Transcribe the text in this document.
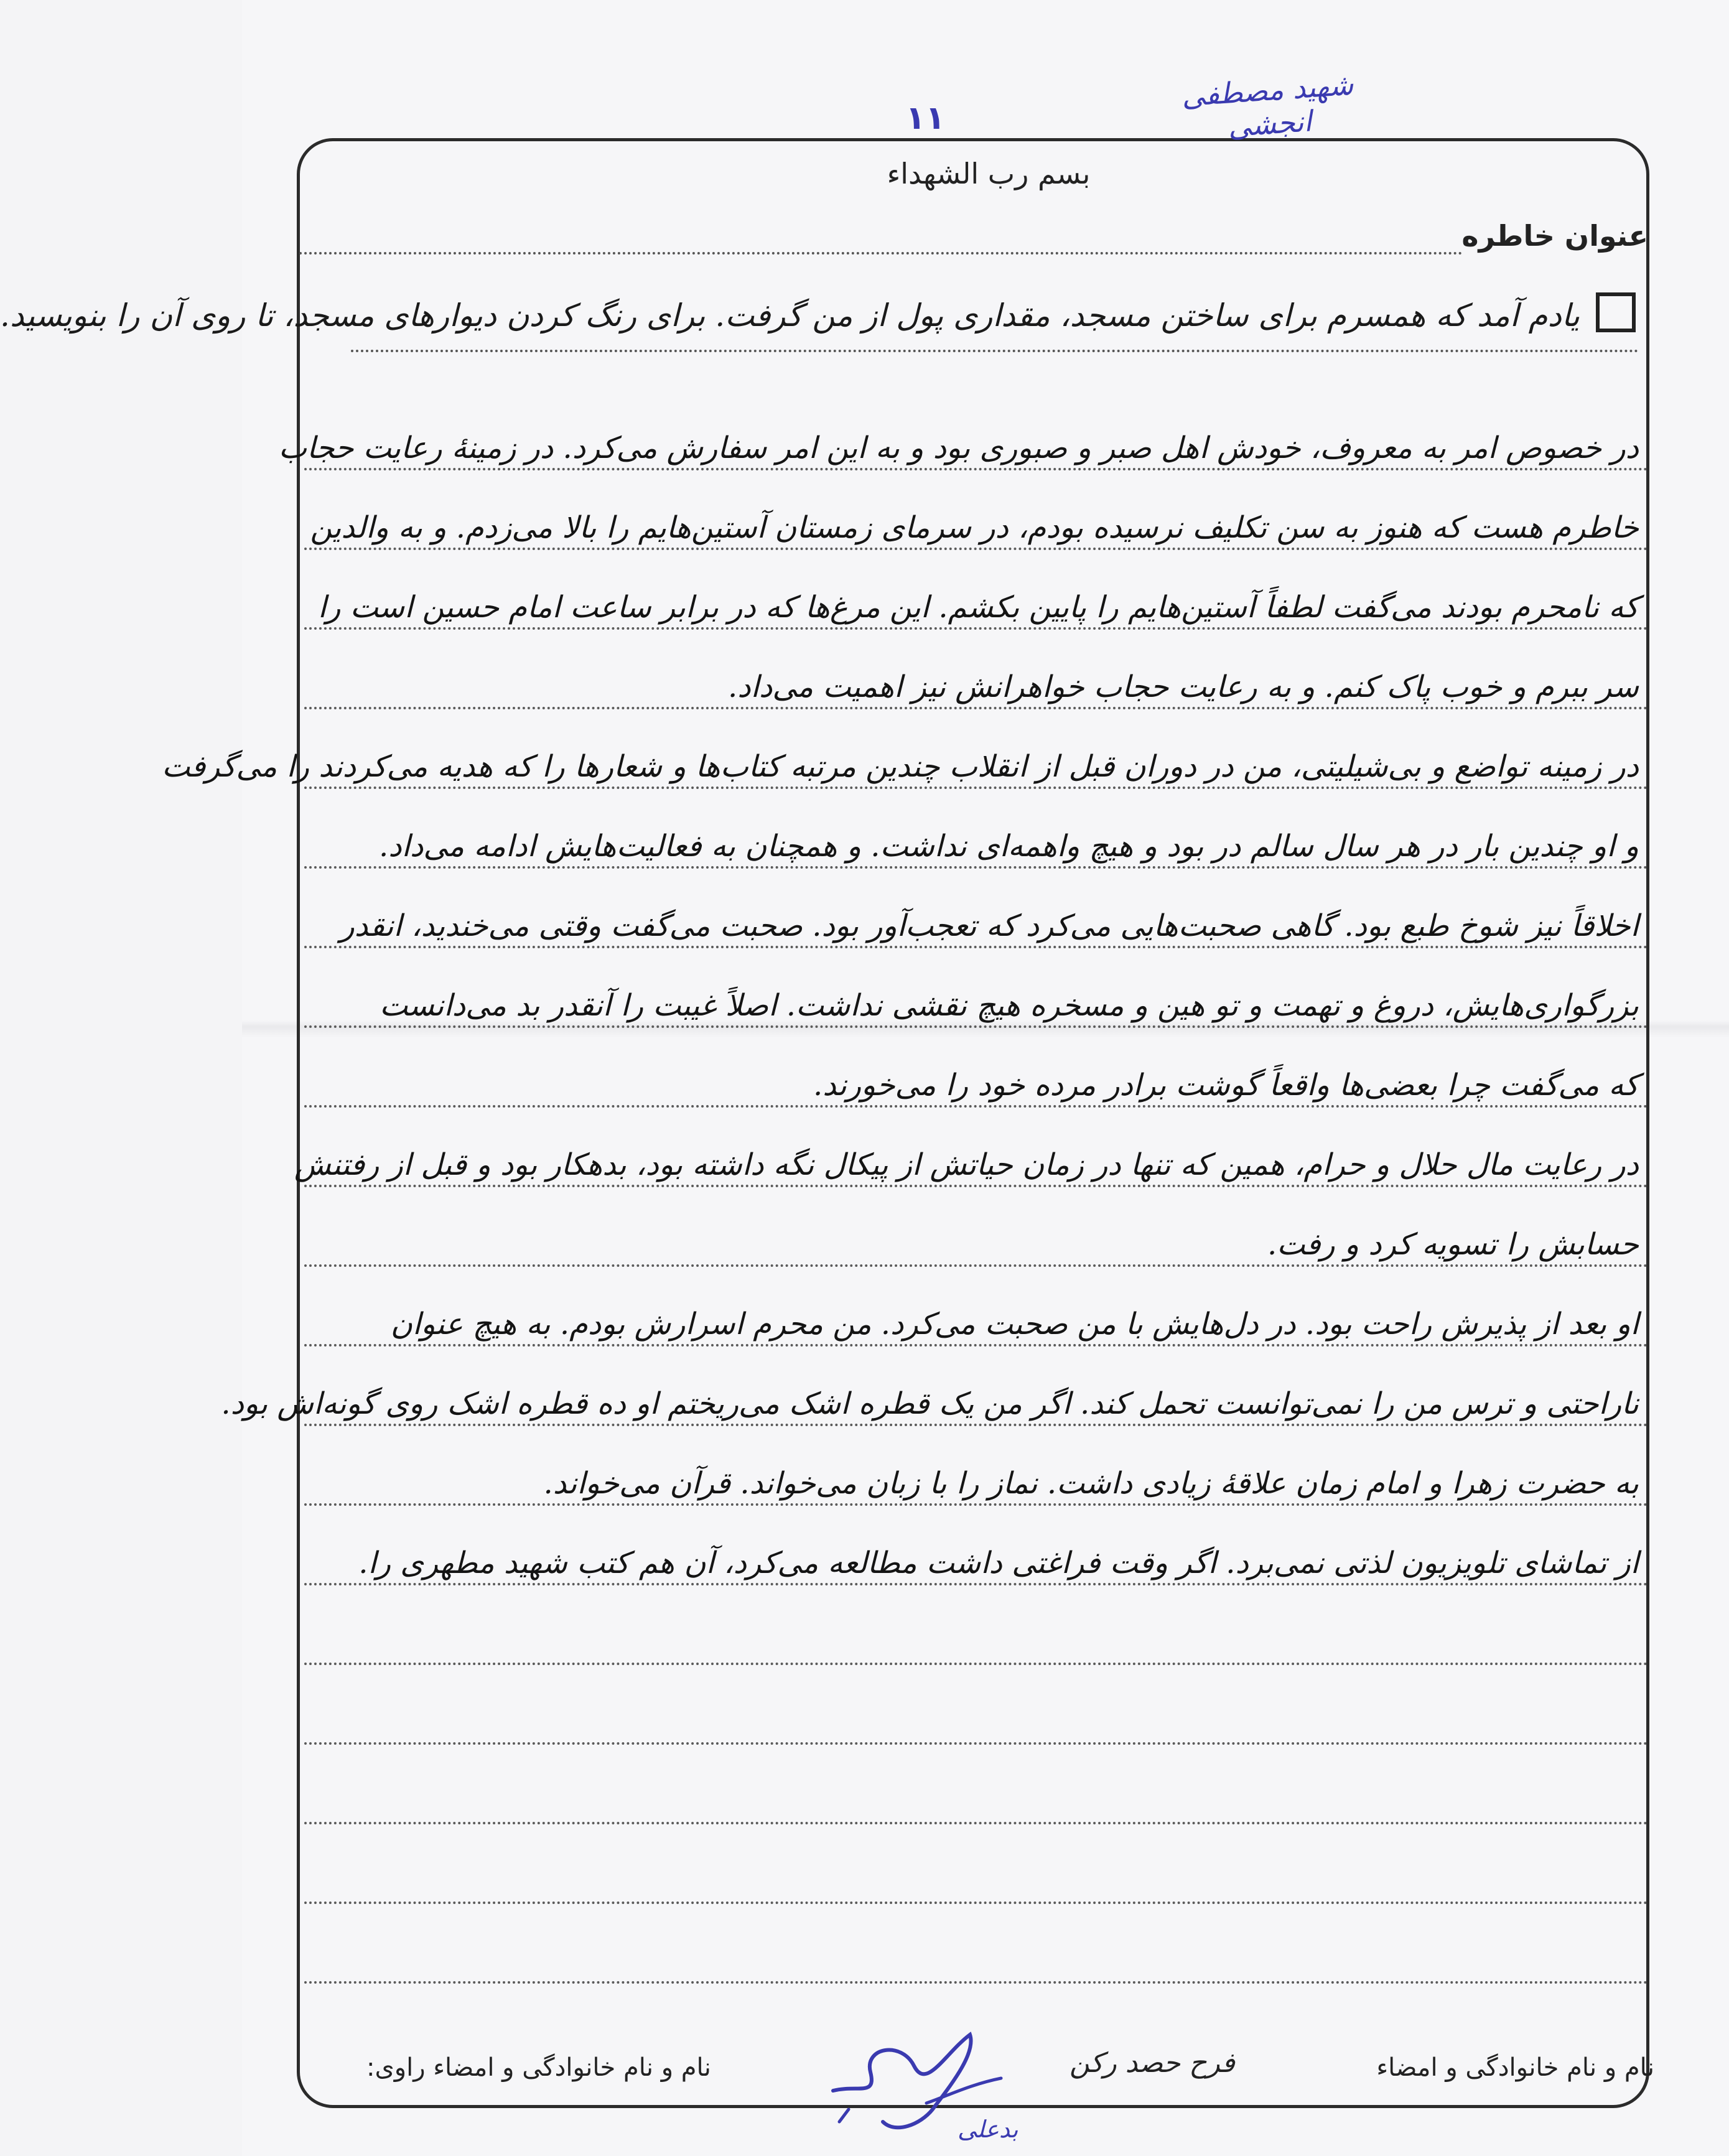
شهید مصطفی انجشی
۱۱
بسم رب الشهداء
عنوان خاطره
یادم آمد که همسرم برای ساختن مسجد، مقداری پول از من گرفت. برای رنگ کردن دیوارهای مسجد، تا روی آن را بنویسید.
در خصوص امر به معروف، خودش اهل صبر و صبوری بود و به این امر سفارش می‌کرد. در زمینهٔ رعایت حجاب
خاطرم هست که هنوز به سن تکلیف نرسیده بودم، در سرمای زمستان آستین‌هایم را بالا می‌زدم. و به والدین
که نامحرم بودند می‌گفت لطفاً آستین‌هایم را پایین بکشم. این مرغ‌ها که در برابر ساعت امام حسین است را
سر ببرم و خوب پاک کنم. و به رعایت حجاب خواهرانش نیز اهمیت می‌داد.
در زمینه تواضع و بی‌شیلیتی، من در دوران قبل از انقلاب چندین مرتبه کتاب‌ها و شعارها را که هدیه می‌کردند را می‌گرفت
و او چندین بار در هر سال سالم در بود و هیچ واهمه‌ای نداشت. و همچنان به فعالیت‌هایش ادامه می‌داد.
اخلاقاً نیز شوخ طبع بود. گاهی صحبت‌هایی می‌کرد که تعجب‌آور بود. صحبت می‌گفت وقتی می‌خندید، انقدر
بزرگواری‌هایش، دروغ و تهمت و تو هین و مسخره هیچ نقشی نداشت. اصلاً غیبت را آنقدر بد می‌دانست
که می‌گفت چرا بعضی‌ها واقعاً گوشت برادر مرده خود را می‌خورند.
در رعایت مال حلال و حرام، همین که تنها در زمان حیاتش از پیکال نگه داشته بود، بدهکار بود و قبل از رفتنش
حسابش را تسویه کرد و رفت.
او بعد از پذیرش راحت بود. در دل‌هایش با من صحبت می‌کرد. من محرم اسرارش بودم. به هیچ عنوان
ناراحتی و ترس من را نمی‌توانست تحمل کند. اگر من یک قطره اشک می‌ریختم او ده قطره اشک روی گونه‌اش بود.
به حضرت زهرا و امام زمان علاقهٔ زیادی داشت. نماز را با زبان می‌خواند. قرآن می‌خواند.
از تماشای تلویزیون لذتی نمی‌برد. اگر وقت فراغتی داشت مطالعه می‌کرد، آن هم کتب شهید مطهری را.
نام و نام خانوادگی و امضاء راوی:	فرح حصد رکن	نام و نام خانوادگی و امضاء
بدعلی
